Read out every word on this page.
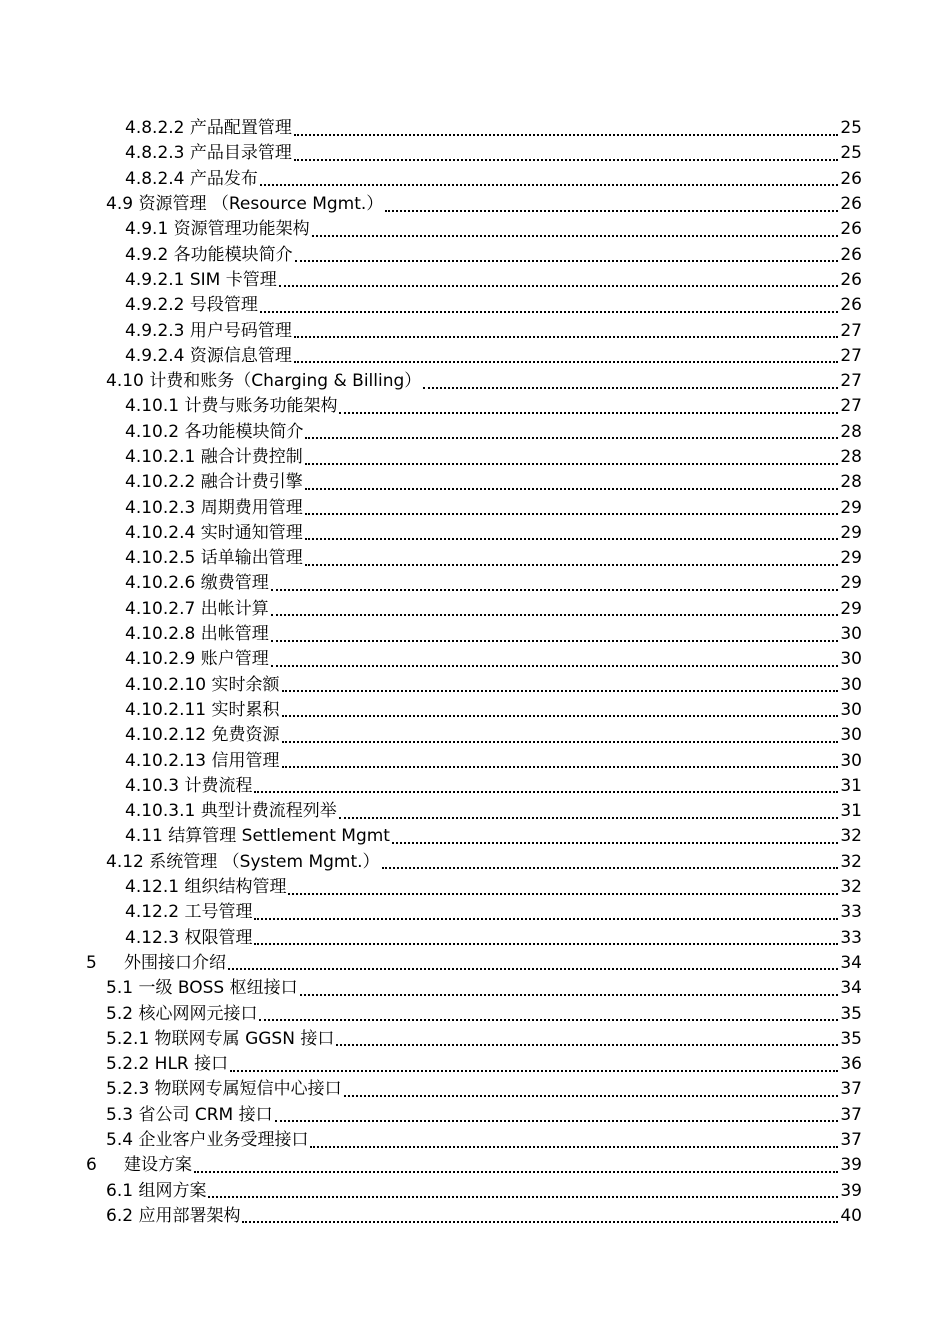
4.8.2.2 产品配置管理	25
4.8.2.3 产品目录管理	25
4.8.2.4 产品发布	26
4.9 资源管理 （Resource Mgmt.）	26
4.9.1 资源管理功能架构	26
4.9.2 各功能模块简介	26
4.9.2.1 SIM 卡管理	26
4.9.2.2 号段管理	26
4.9.2.3 用户号码管理	27
4.9.2.4 资源信息管理	27
4.10 计费和账务（Charging & Billing）	27
4.10.1 计费与账务功能架构	27
4.10.2 各功能模块简介	28
4.10.2.1 融合计费控制	28
4.10.2.2 融合计费引擎	28
4.10.2.3 周期费用管理	29
4.10.2.4 实时通知管理	29
4.10.2.5 话单输出管理	29
4.10.2.6 缴费管理	29
4.10.2.7 出帐计算	29
4.10.2.8 出帐管理	30
4.10.2.9 账户管理	30
4.10.2.10 实时余额	30
4.10.2.11 实时累积	30
4.10.2.12 免费资源	30
4.10.2.13 信用管理	30
4.10.3 计费流程	31
4.10.3.1 典型计费流程列举	31
4.11 结算管理 Settlement Mgmt	32
4.12 系统管理 （System Mgmt.）	32
4.12.1 组织结构管理	32
4.12.2 工号管理	33
4.12.3 权限管理	33
5	外围接口介绍	34
5.1 一级 BOSS 枢纽接口	34
5.2 核心网网元接口	35
5.2.1 物联网专属 GGSN 接口	35
5.2.2 HLR 接口	36
5.2.3 物联网专属短信中心接口	37
5.3 省公司 CRM 接口	37
5.4 企业客户业务受理接口	37
6	建设方案	39
6.1 组网方案	39
6.2 应用部署架构	40
